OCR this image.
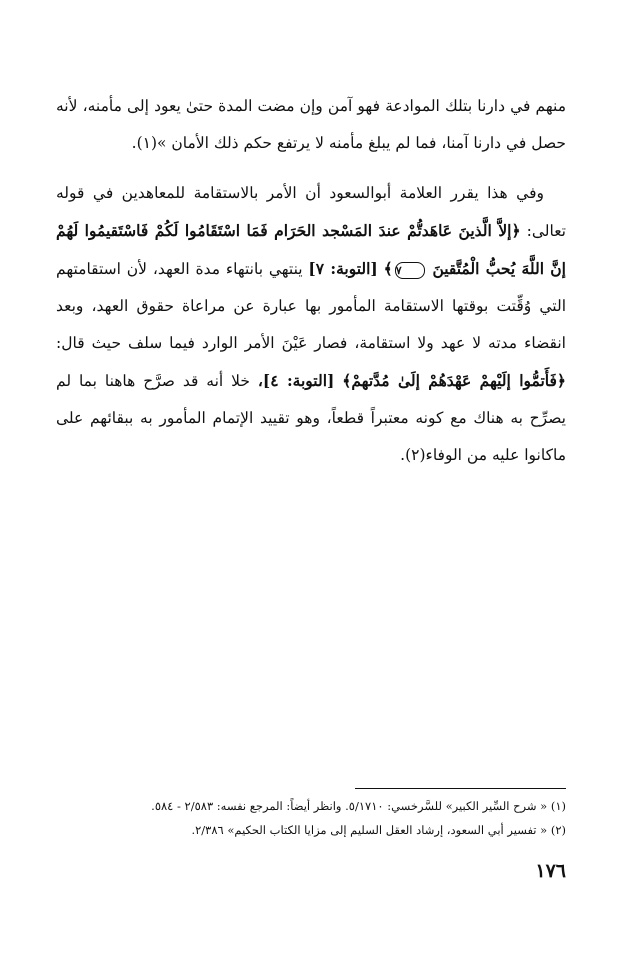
منهم في دارنا بتلك الموادعة فهو آمن وإن مضت المدة حتىٰ يعود إلى مأمنه، لأنه حصل في دارنا آمنا، فما لم يبلغ مأمنه لا يرتفع حكم ذلك الأمان »(١).

وفي هذا يقرر العلامة أبوالسعود أن الأمر بالاستقامة للمعاهدين في قوله تعالى: ﴿إلاَّ الَّذينَ عَاهَدتُّمْ عندَ المَسْجد الحَرَام فَمَا اسْتَقَامُوا لَكُمْ فَاسْتَقيمُوا لَهُمْ إنَّ اللَّهَ يُحبُّ الْمُتَّقينَ ٧﴾ [التوبة: ٧] ينتهي بانتهاء مدة العهد، لأن استقامتهم التي وُقِّتت بوقتها الاستقامة المأمور بها عبارة عن مراعاة حقوق العهد، وبعد انقضاء مدته لا عهد ولا استقامة، فصار عَيْنَ الأمر الوارد فيما سلف حيث قال: ﴿فَأَتمُّوا إلَيْهمْ عَهْدَهُمْ إلَىٰ مُدَّتهمْ﴾ [التوبة: ٤]، خلا أنه قد صرَّح هاهنا بما لم يصرِّح به هناك مع كونه معتبراً قطعاً، وهو تقييد الإتمام المأمور به ببقائهم على ماكانوا عليه من الوفاء(٢).

(١) « شرح السِّير الكبير» للسَّرخسي: ٥/١٧١٠. وانظر أيضاً: المرجع نفسه: ٢/٥٨٣ - ٥٨٤.
(٢) « تفسير أبي السعود، إرشاد العقل السليم إلى مزايا الكتاب الحكيم» ٢/٣٨٦.
١٧٦
